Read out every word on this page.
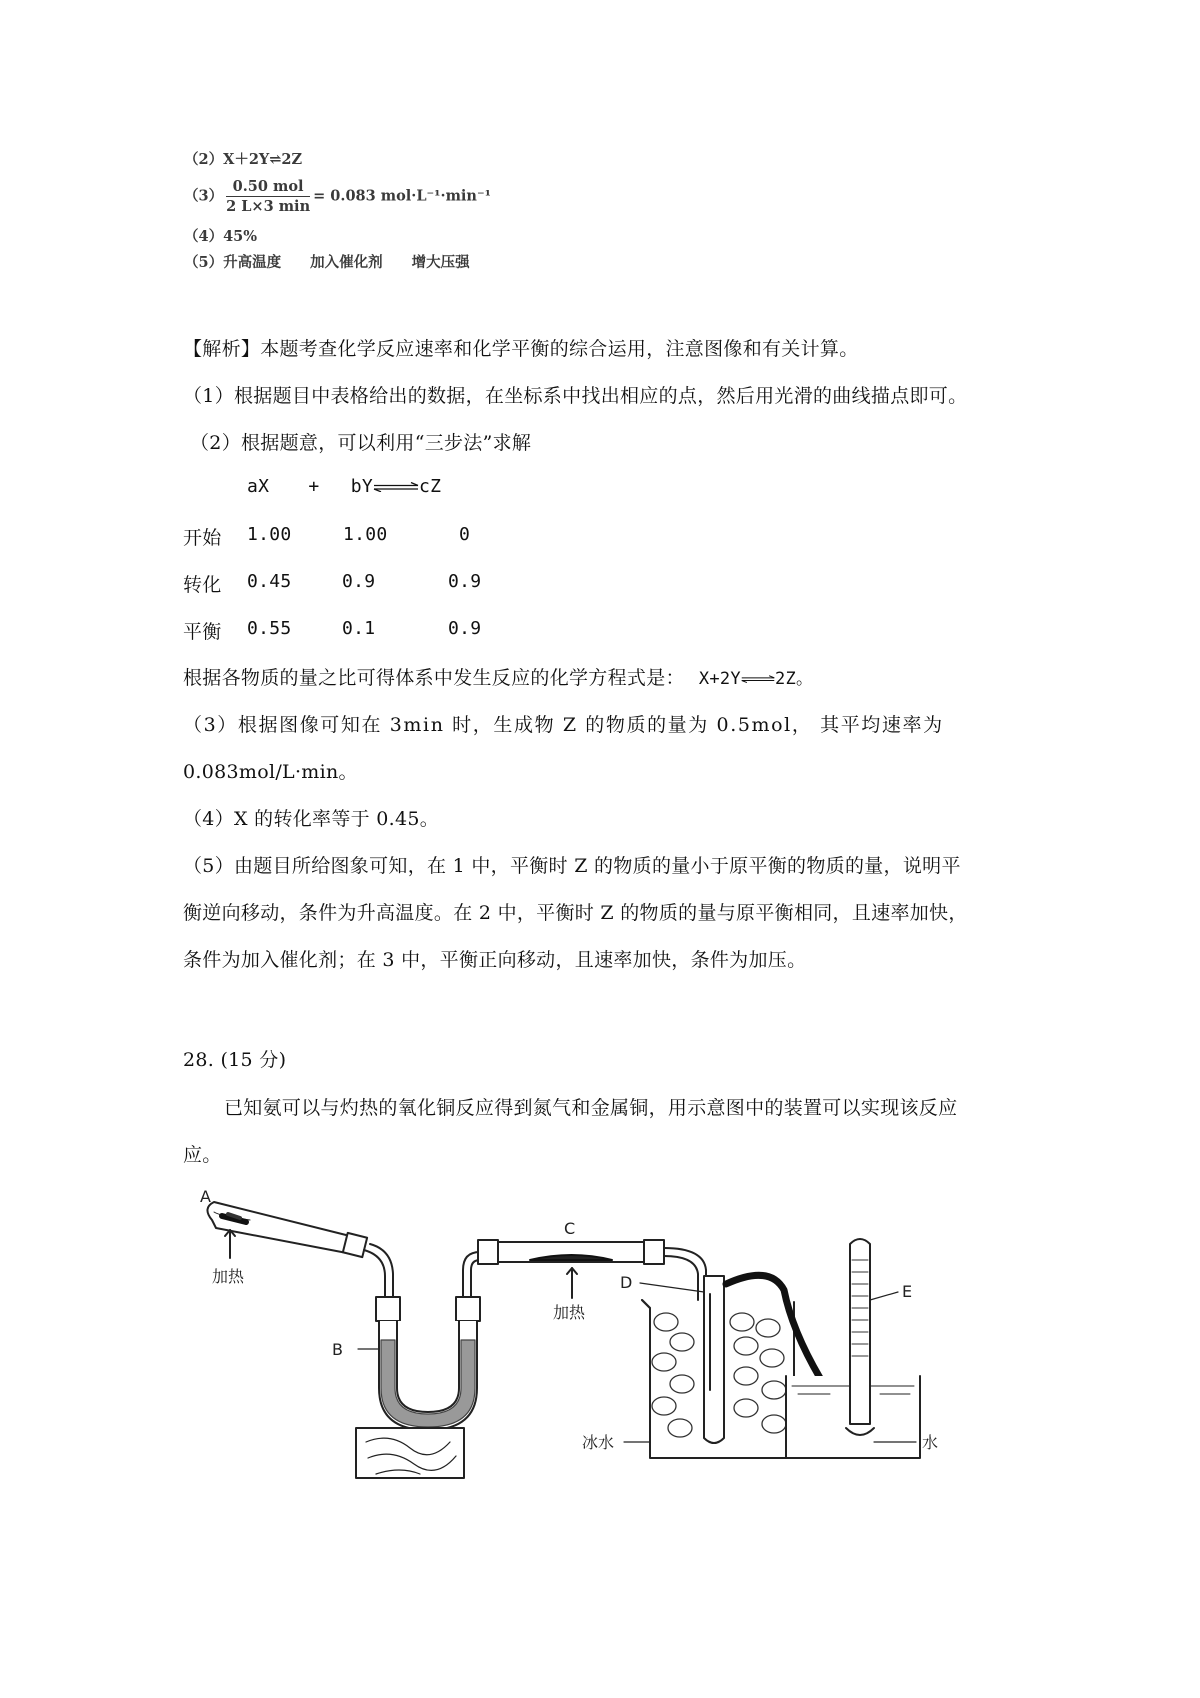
（2）X＋2Y⇌2Z
$(3) \frac{\text{0.50 mol}}{2 L\times 3 \min} = 0.083$ mol·L⁻¹·min⁻¹
（4）45%
（5）升高温度　　加入催化剂　　增大压强
【解析】本题考查化学反应速率和化学平衡的综合运用，注意图像和有关计算。
（1）根据题目中表格给出的数据，在坐标系中找出相应的点，然后用光滑的曲线描点即可。
（2）根据题意，可以利用“三步法”求解
aX + bY⇌cZ
开始 1.00	1.00	0
转化 0.45	0.9	0.9
平衡 0.55	0.1	0.9
根据各物质的量之比可得体系中发生反应的化学方程式是： X+2Y 2Z。
（3）根据图像可知在 3min 时，生成物 Z 的物质的量为 0.5mol， 其平均速率为
0.083mol/L·min。
（4）X 的转化率等于 0.45。
（5）由题目所给图象可知，在 1 中，平衡时 Z 的物质的量小于原平衡的物质的量，说明平
衡逆向移动，条件为升高温度。在 2 中，平衡时 Z 的物质的量与原平衡相同，且速率加快，
条件为加入催化剂；在 3 中，平衡正向移动，且速率加快，条件为加压。
28. (15 分)
已知氨可以与灼热的氧化铜反应得到氮气和金属铜，用示意图中的装置可以实现该反应
应。
A
加热
B
C
加热
D	E
冰水	水
